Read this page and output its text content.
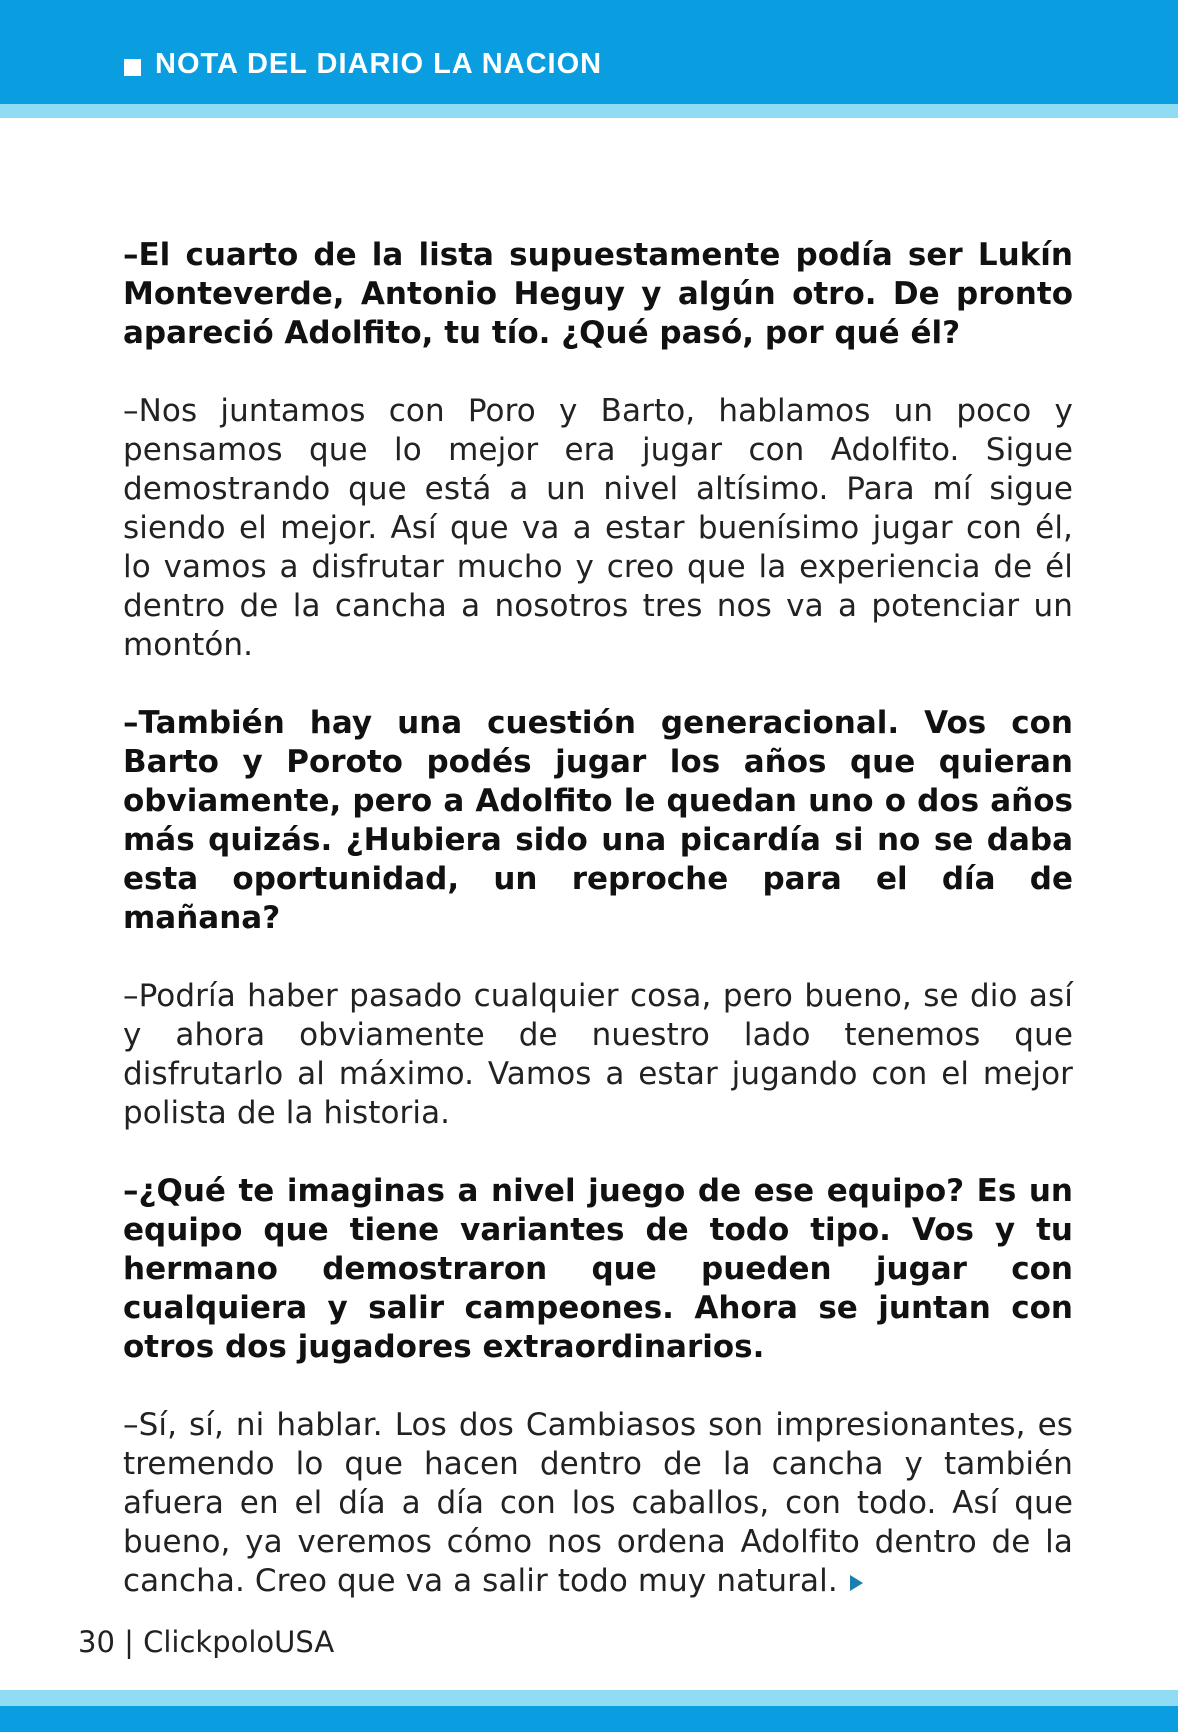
NOTA DEL DIARIO LA NACION

–El cuarto de la lista supuestamente podía ser Lukín Monteverde, Antonio Heguy y algún otro. De pronto apareció Adolfito, tu tío. ¿Qué pasó, por qué él?

–Nos juntamos con Poro y Barto, hablamos un poco y pensamos que lo mejor era jugar con Adolfito. Sigue demostrando que está a un nivel altísimo. Para mí sigue siendo el mejor. Así que va a estar buenísimo jugar con él, lo vamos a disfrutar mucho y creo que la experiencia de él dentro de la cancha a nosotros tres nos va a potenciar un montón.

–También hay una cuestión generacional. Vos con Barto y Poroto podés jugar los años que quieran obviamente, pero a Adolfito le quedan uno o dos años más quizás. ¿Hubiera sido una picardía si no se daba esta oportunidad, un reproche para el día de mañana?

–Podría haber pasado cualquier cosa, pero bueno, se dio así y ahora obviamente de nuestro lado tenemos que disfrutarlo al máximo. Vamos a estar jugando con el mejor polista de la historia.

–¿Qué te imaginas a nivel juego de ese equipo? Es un equipo que tiene variantes de todo tipo. Vos y tu hermano demostraron que pueden jugar con cualquiera y salir campeones. Ahora se juntan con otros dos jugadores extraordinarios.

–Sí, sí, ni hablar. Los dos Cambiasos son impresionantes, es tremendo lo que hacen dentro de la cancha y también afuera en el día a día con los caballos, con todo. Así que bueno, ya veremos cómo nos ordena Adolfito dentro de la cancha. Creo que va a salir todo muy natural.

30 | ClickpoloUSA
